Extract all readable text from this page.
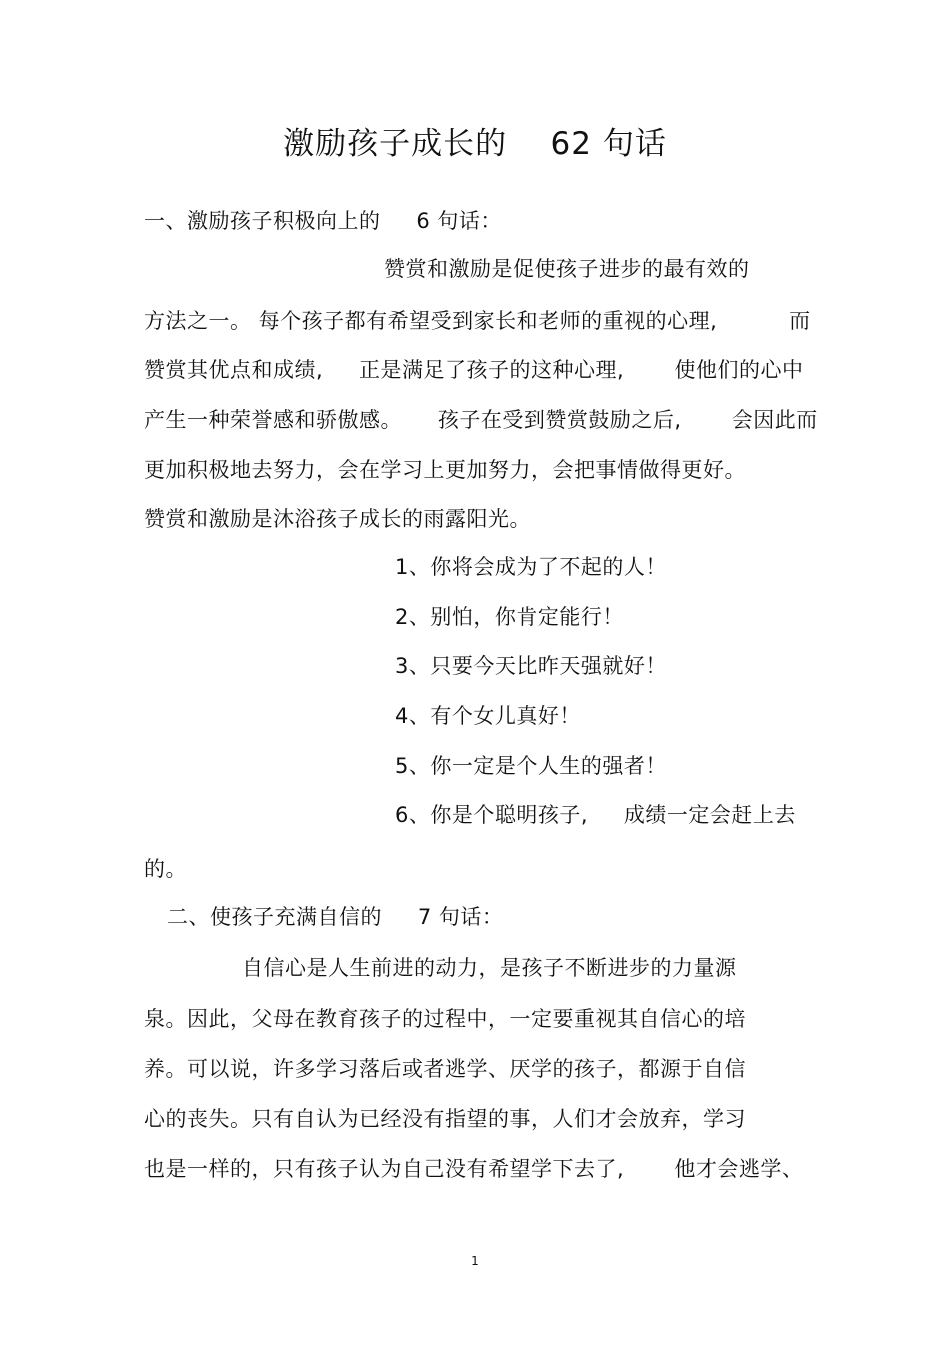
激励孩子成长的    62 句话
一、激励孩子积极向上的     6 句话：
赞赏和激励是促使孩子进步的最有效的
方法之一。 每个孩子都有希望受到家长和老师的重视的心理,          而
赞赏其优点和成绩,     正是满足了孩子的这种心理,       使他们的心中
产生一种荣誉感和骄傲感。     孩子在受到赞赏鼓励之后,       会因此而
更加积极地去努力，会在学习上更加努力，会把事情做得更好。
赞赏和激励是沐浴孩子成长的雨露阳光。
1、你将会成为了不起的人！
2、别怕，你肯定能行！
3、只要今天比昨天强就好！
4、有个女儿真好！
5、你一定是个人生的强者！
6、你是个聪明孩子,     成绩一定会赶上去
的。
二、使孩子充满自信的     7 句话：
自信心是人生前进的动力，是孩子不断进步的力量源
泉。因此，父母在教育孩子的过程中，一定要重视其自信心的培
养。可以说，许多学习落后或者逃学、厌学的孩子，都源于自信
心的丧失。只有自认为已经没有指望的事，人们才会放弃，学习
也是一样的，只有孩子认为自己没有希望学下去了,       他才会逃学、
1
